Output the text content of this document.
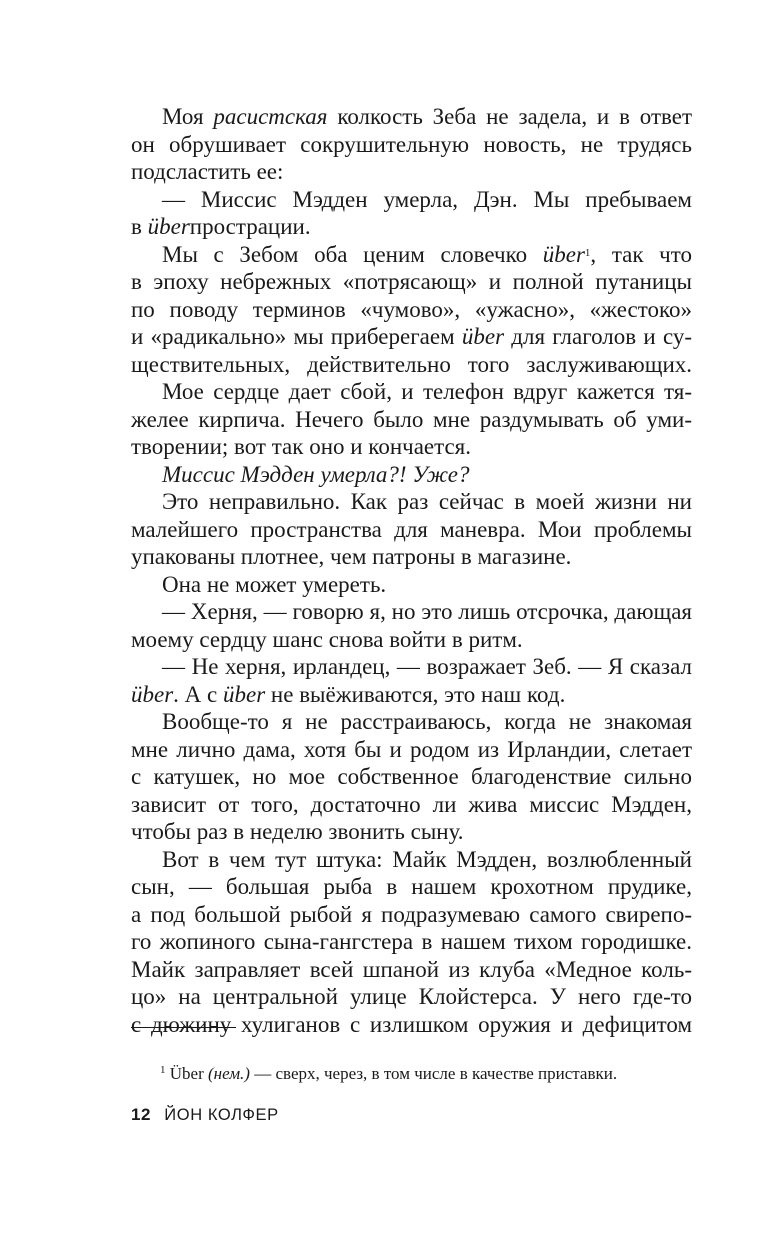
Моя расистская колкость Зеба не задела, и в ответ
он обрушивает сокрушительную новость, не трудясь
подсластить ее:
— Миссис Мэдден умерла, Дэн. Мы пребываем
в überпрострации.
Мы с Зебом оба ценим словечко über$^1$, так что
в эпоху небрежных «потрясающ» и полной путаницы
по поводу терминов «чумово», «ужасно», «жестоко»
и «радикально» мы приберегаем über для глаголов и су-
ществительных, действительно того заслуживающих.
Мое сердце дает сбой, и телефон вдруг кажется тя-
желее кирпича. Нечего было мне раздумывать об уми-
творении; вот так оно и кончается.
Миссис Мэдден умерла?! Уже?
Это неправильно. Как раз сейчас в моей жизни ни
малейшего пространства для маневра. Мои проблемы
упакованы плотнее, чем патроны в магазине.
Она не может умереть.
— Херня, — говорю я, но это лишь отсрочка, дающая
моему сердцу шанс снова войти в ритм.
— Не херня, ирландец, — возражает Зеб. — Я сказал
über. А с über не выёживаются, это наш код.
Вообще-то я не расстраиваюсь, когда не знакомая
мне лично дама, хотя бы и родом из Ирландии, слетает
с катушек, но мое собственное благоденствие сильно
зависит от того, достаточно ли жива миссис Мэдден,
чтобы раз в неделю звонить сыну.
Вот в чем тут штука: Майк Мэдден, возлюбленный
сын, — большая рыба в нашем крохотном прудике,
а под большой рыбой я подразумеваю самого свирепо-
го жопиного сына-гангстера в нашем тихом городишке.
Майк заправляет всей шпаной из клуба «Медное коль-
цо» на центральной улице Клойстерса. У него где-то
с дюжину хулиганов с излишком оружия и дефицитом
$^1$ Über (нем.) — сверх, через, в том числе в качестве приставки.
12 ЙОН КОЛФЕР
